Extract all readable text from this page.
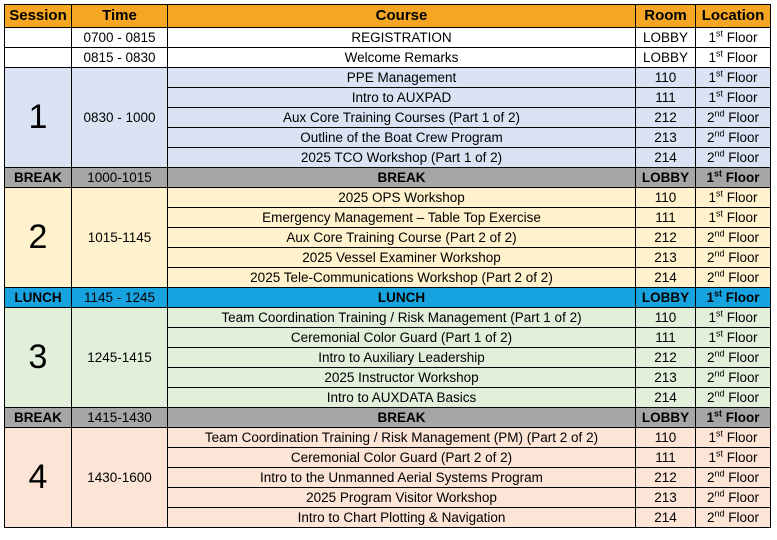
Session	Time	Course	Room	Location
	0700 - 0815	REGISTRATION	LOBBY	1st Floor
	0815 - 0830	Welcome Remarks	LOBBY	1st Floor
1	0830 - 1000	PPE Management	110	1st Floor
		Intro to AUXPAD	111	1st Floor
		Aux Core Training Courses (Part 1 of 2)	212	2nd Floor
		Outline of the Boat Crew Program	213	2nd Floor
		2025 TCO Workshop (Part 1 of 2)	214	2nd Floor
BREAK	1000-1015	BREAK	LOBBY	1st Floor
2	1015-1145	2025 OPS Workshop	110	1st Floor
		Emergency Management – Table Top Exercise	111	1st Floor
		Aux Core Training Course (Part 2 of 2)	212	2nd Floor
		2025 Vessel Examiner Workshop	213	2nd Floor
		2025 Tele-Communications Workshop (Part 2 of 2)	214	2nd Floor
LUNCH	1145 - 1245	LUNCH	LOBBY	1st Floor
3	1245-1415	Team Coordination Training / Risk Management (Part 1 of 2)	110	1st Floor
		Ceremonial Color Guard (Part 1 of 2)	111	1st Floor
		Intro to Auxiliary Leadership	212	2nd Floor
		2025 Instructor Workshop	213	2nd Floor
		Intro to AUXDATA Basics	214	2nd Floor
BREAK	1415-1430	BREAK	LOBBY	1st Floor
4	1430-1600	Team Coordination Training / Risk Management (PM) (Part 2 of 2)	110	1st Floor
		Ceremonial Color Guard (Part 2 of 2)	111	1st Floor
		Intro to the Unmanned Aerial Systems Program	212	2nd Floor
		2025 Program Visitor Workshop	213	2nd Floor
		Intro to Chart Plotting & Navigation	214	2nd Floor
